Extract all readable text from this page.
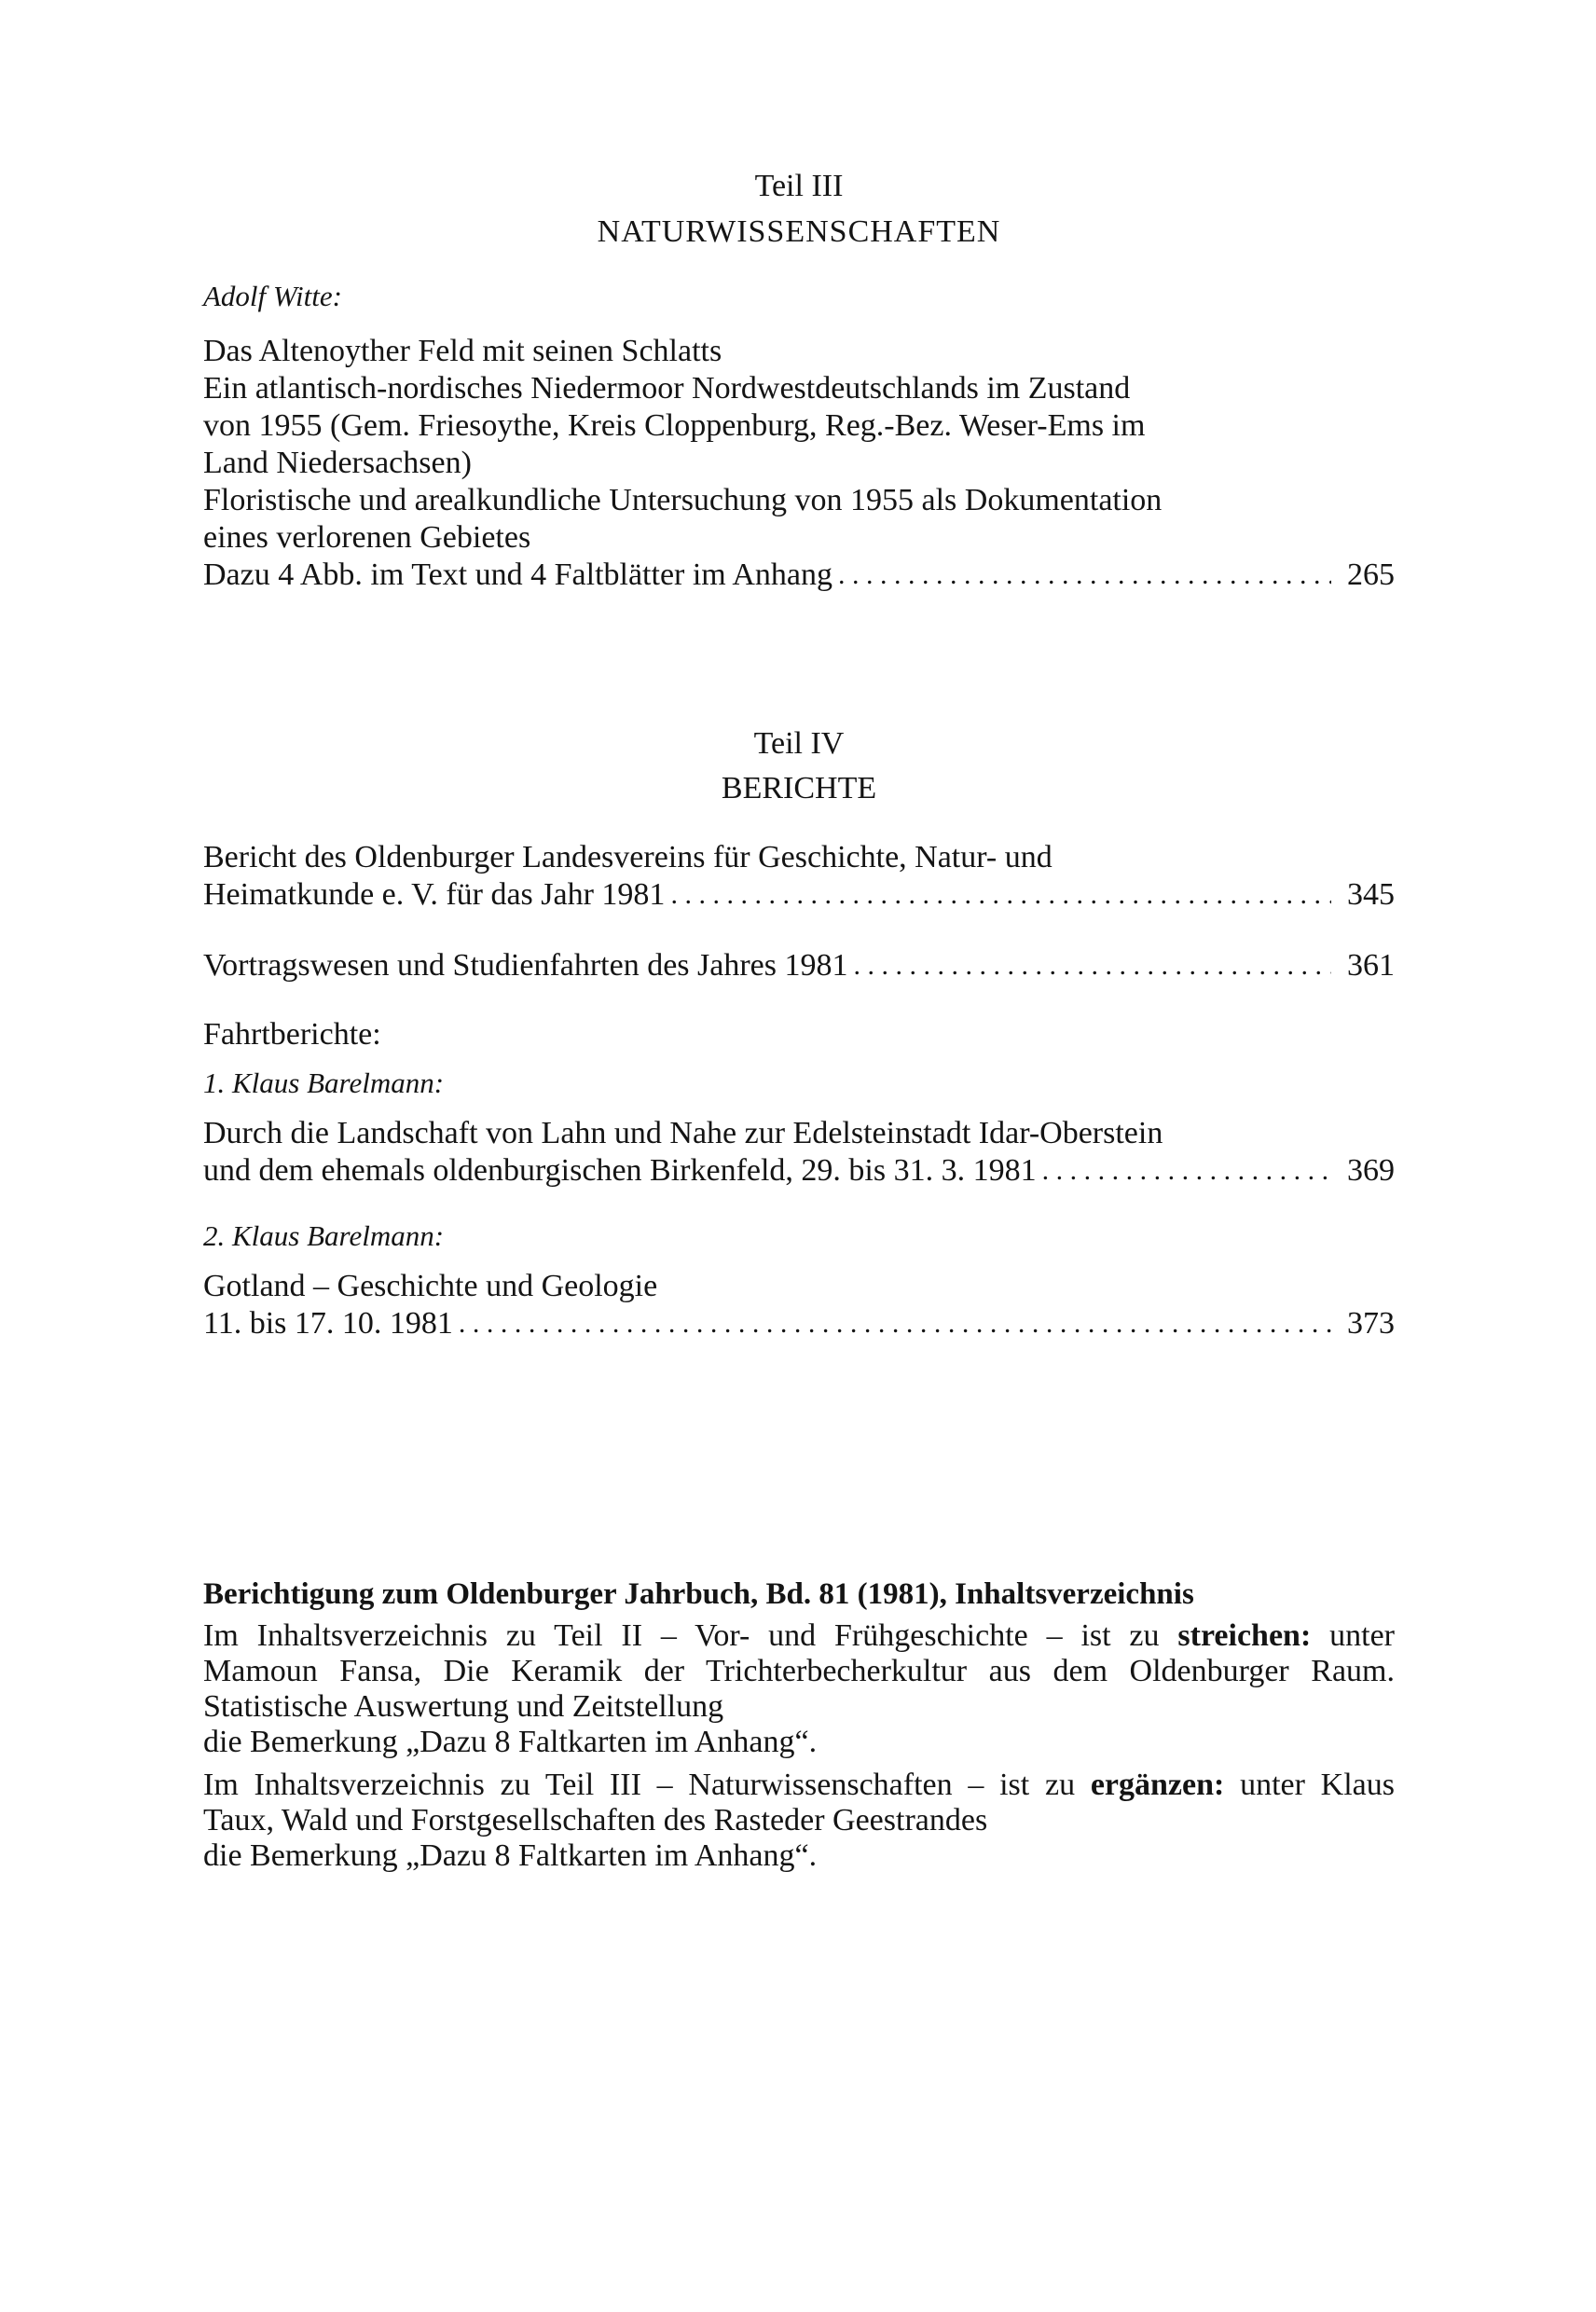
Teil III
NATURWISSENSCHAFTEN
Adolf Witte:
Das Altenoyther Feld mit seinen Schlatts
Ein atlantisch-nordisches Niedermoor Nordwestdeutschlands im Zustand
von 1955 (Gem. Friesoythe, Kreis Cloppenburg, Reg.-Bez. Weser-Ems im
Land Niedersachsen)
Floristische und arealkundliche Untersuchung von 1955 als Dokumentation
eines verlorenen Gebietes
Dazu 4 Abb. im Text und 4 Faltblätter im Anhang . . .	265
Teil IV
BERICHTE
Bericht des Oldenburger Landesvereins für Geschichte, Natur- und
Heimatkunde e. V. für das Jahr 1981 . . .	345
Vortragswesen und Studienfahrten des Jahres 1981 . . .	361
Fahrtberichte:
1. Klaus Barelmann:
Durch die Landschaft von Lahn und Nahe zur Edelsteinstadt Idar-Oberstein
und dem ehemals oldenburgischen Birkenfeld, 29. bis 31. 3. 1981 . . .	369
2. Klaus Barelmann:
Gotland – Geschichte und Geologie
11. bis 17. 10. 1981 . . .	373
Berichtigung zum Oldenburger Jahrbuch, Bd. 81 (1981), Inhaltsverzeichnis
Im Inhaltsverzeichnis zu Teil II – Vor- und Frühgeschichte – ist zu streichen: unter
Mamoun Fansa, Die Keramik der Trichterbecherkultur aus dem Oldenburger Raum.
Statistische Auswertung und Zeitstellung
die Bemerkung „Dazu 8 Faltkarten im Anhang“.
Im Inhaltsverzeichnis zu Teil III – Naturwissenschaften – ist zu ergänzen: unter Klaus
Taux, Wald und Forstgesellschaften des Rasteder Geestrandes
die Bemerkung „Dazu 8 Faltkarten im Anhang“.
